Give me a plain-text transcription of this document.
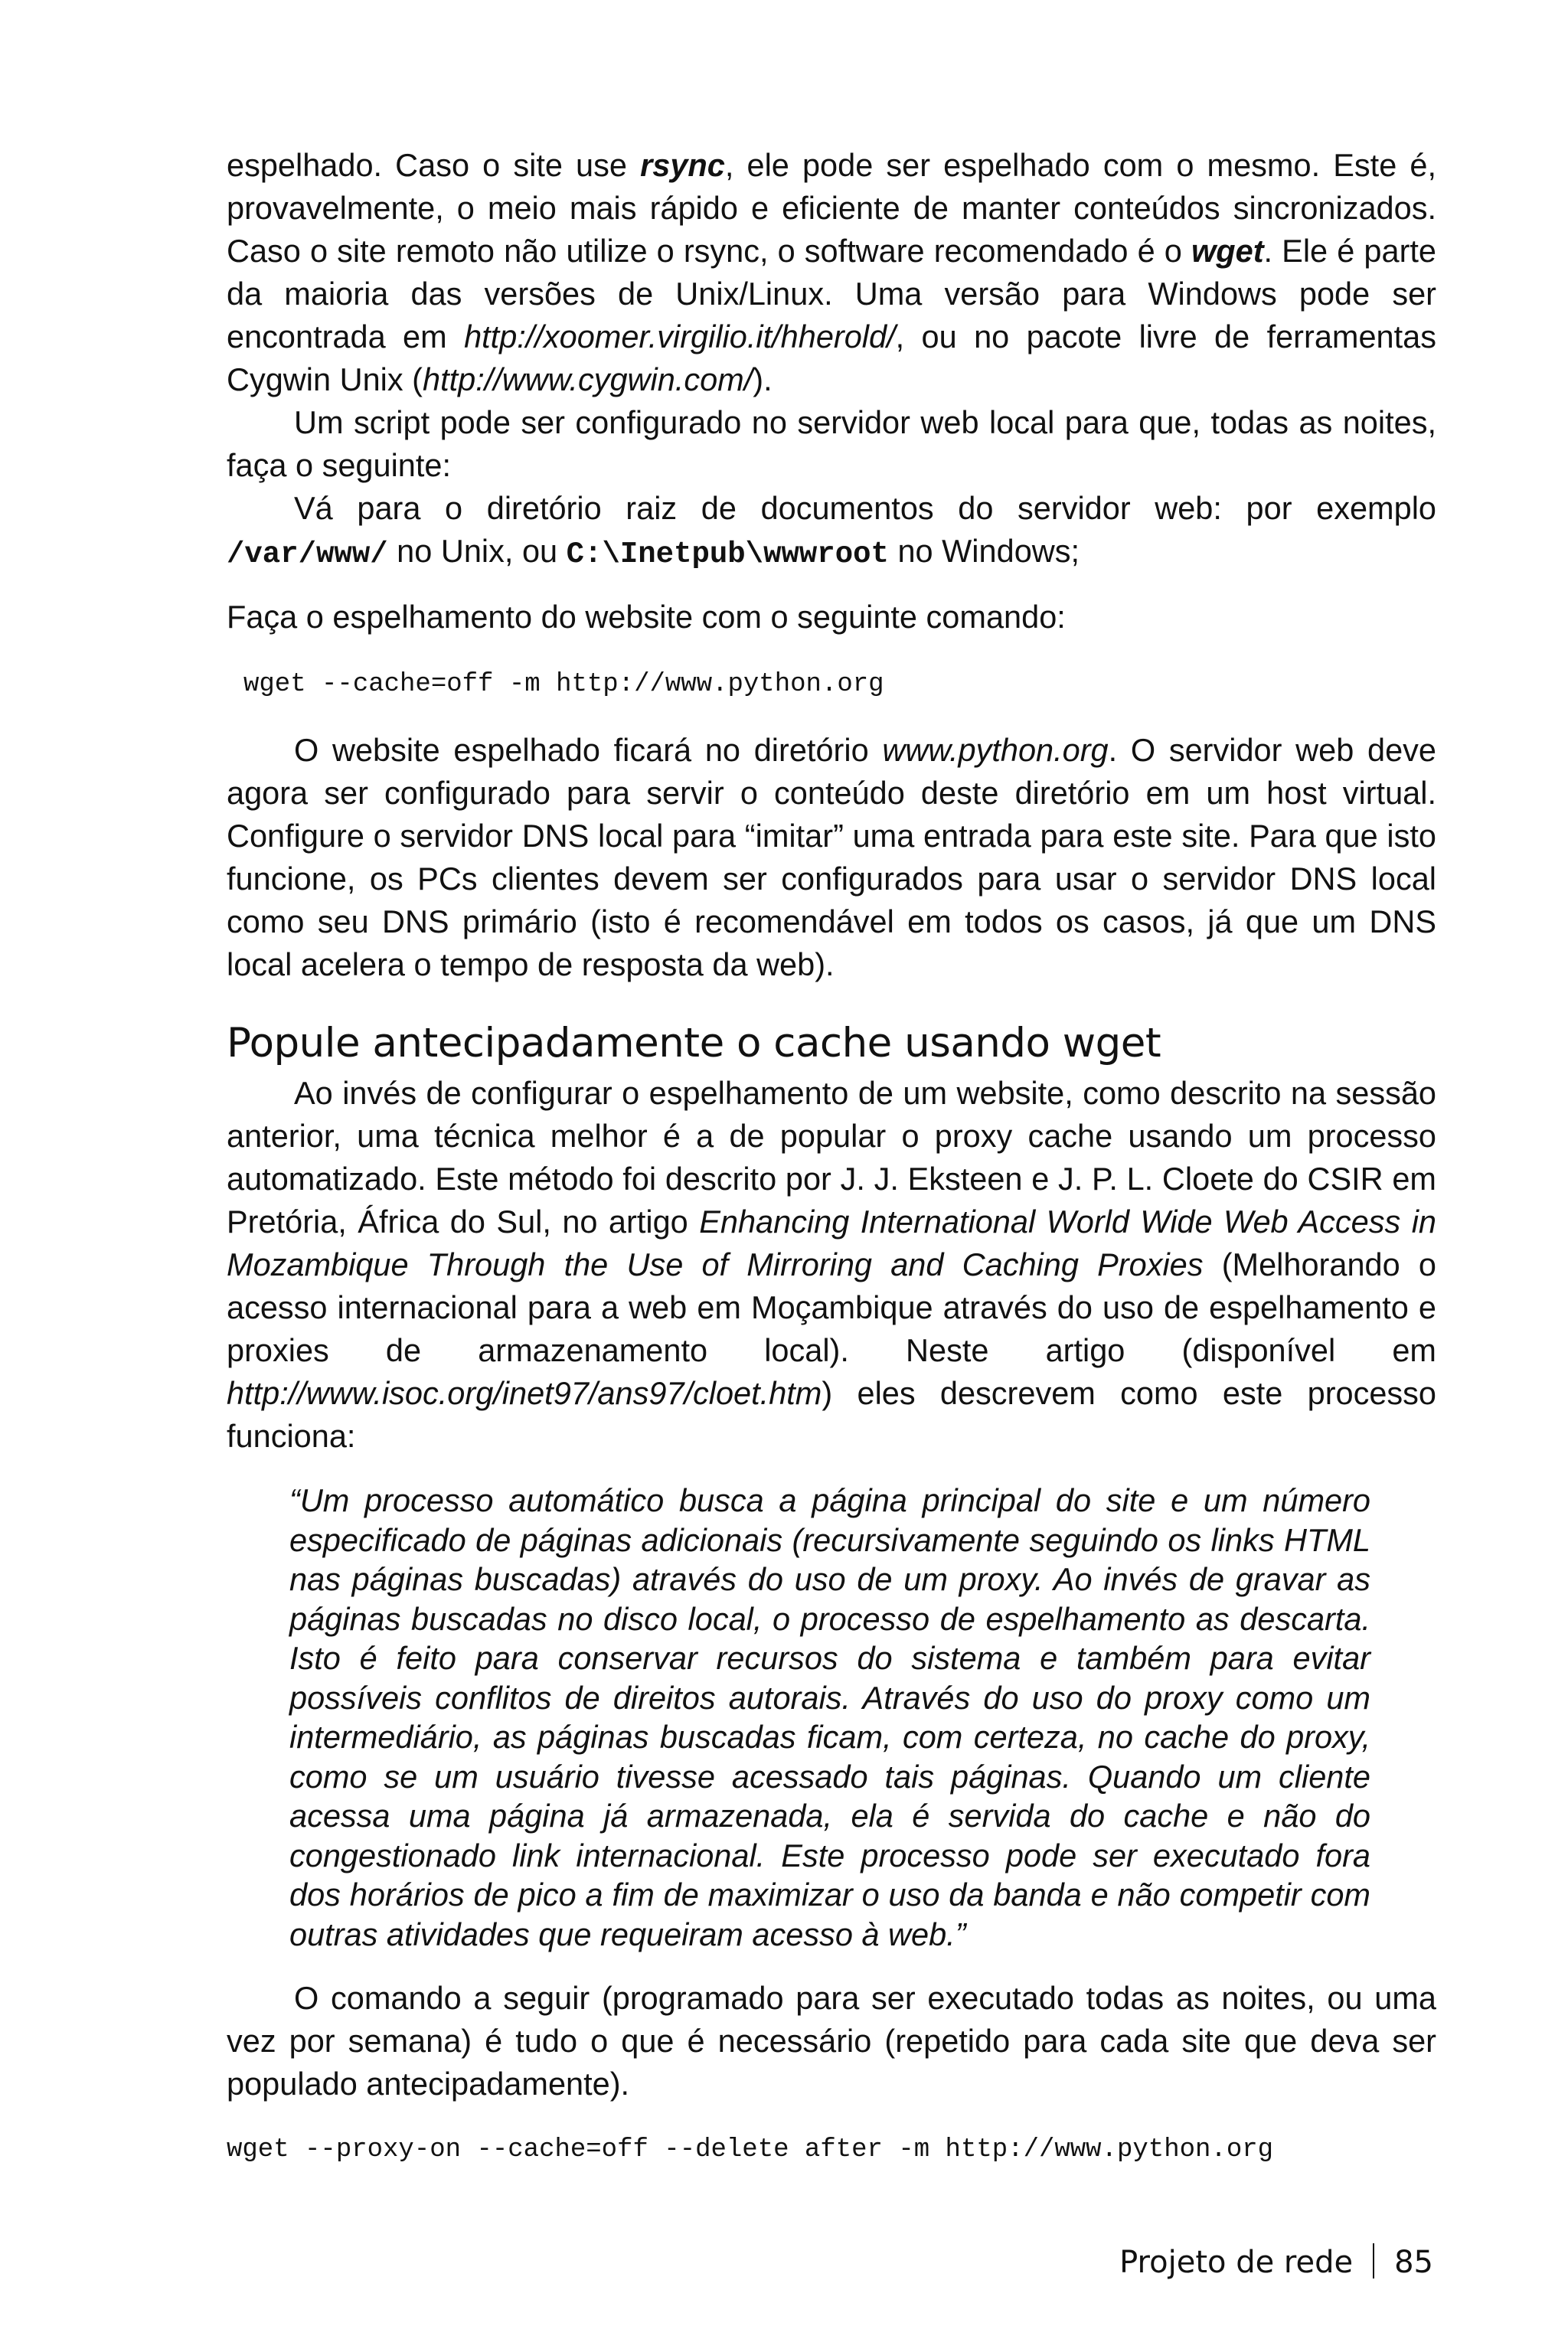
espelhado. Caso o site use rsync, ele pode ser espelhado com o mesmo. Este é, provavelmente, o meio mais rápido e eficiente de manter conteúdos sincronizados. Caso o site remoto não utilize o rsync, o software recomendado é o wget. Ele é parte da maioria das versões de Unix/Linux. Uma versão para Windows pode ser encontrada em http://xoomer.virgilio.it/hherold/, ou no pacote livre de ferramentas Cygwin Unix (http://www.cygwin.com/).

Um script pode ser configurado no servidor web local para que, todas as noites, faça o seguinte:

Vá para o diretório raiz de documentos do servidor web: por exemplo /var/www/ no Unix, ou C:\Inetpub\wwwroot no Windows;

Faça o espelhamento do website com o seguinte comando:

wget --cache=off -m http://www.python.org

O website espelhado ficará no diretório www.python.org. O servidor web deve agora ser configurado para servir o conteúdo deste diretório em um host virtual. Configure o servidor DNS local para “imitar” uma entrada para este site. Para que isto funcione, os PCs clientes devem ser configurados para usar o servidor DNS local como seu DNS primário (isto é recomendável em todos os casos, já que um DNS local acelera o tempo de resposta da web).

Popule antecipadamente o cache usando wget

Ao invés de configurar o espelhamento de um website, como descrito na sessão anterior, uma técnica melhor é a de popular o proxy cache usando um processo automatizado. Este método foi descrito por J. J. Eksteen e J. P. L. Cloete do CSIR em Pretória, África do Sul, no artigo Enhancing International World Wide Web Access in Mozambique Through the Use of Mirroring and Caching Proxies (Melhorando o acesso internacional para a web em Moçambique através do uso de espelhamento e proxies de armazenamento local). Neste artigo (disponível em http://www.isoc.org/inet97/ans97/cloet.htm) eles descrevem como este processo funciona:

“Um processo automático busca a página principal do site e um número especificado de páginas adicionais (recursivamente seguindo os links HTML nas páginas buscadas) através do uso de um proxy. Ao invés de gravar as páginas buscadas no disco local, o processo de espelhamento as descarta. Isto é feito para conservar recursos do sistema e também para evitar possíveis conflitos de direitos autorais. Através do uso do proxy como um intermediário, as páginas buscadas ficam, com certeza, no cache do proxy, como se um usuário tivesse acessado tais páginas. Quando um cliente acessa uma página já armazenada, ela é servida do cache e não do congestionado link internacional. Este processo pode ser executado fora dos horários de pico a fim de maximizar o uso da banda e não competir com outras atividades que requeiram acesso à web.”

O comando a seguir (programado para ser executado todas as noites, ou uma vez por semana) é tudo o que é necessário (repetido para cada site que deva ser populado antecipadamente).

wget --proxy-on --cache=off --delete after -m http://www.python.org
Projeto de rede 85
